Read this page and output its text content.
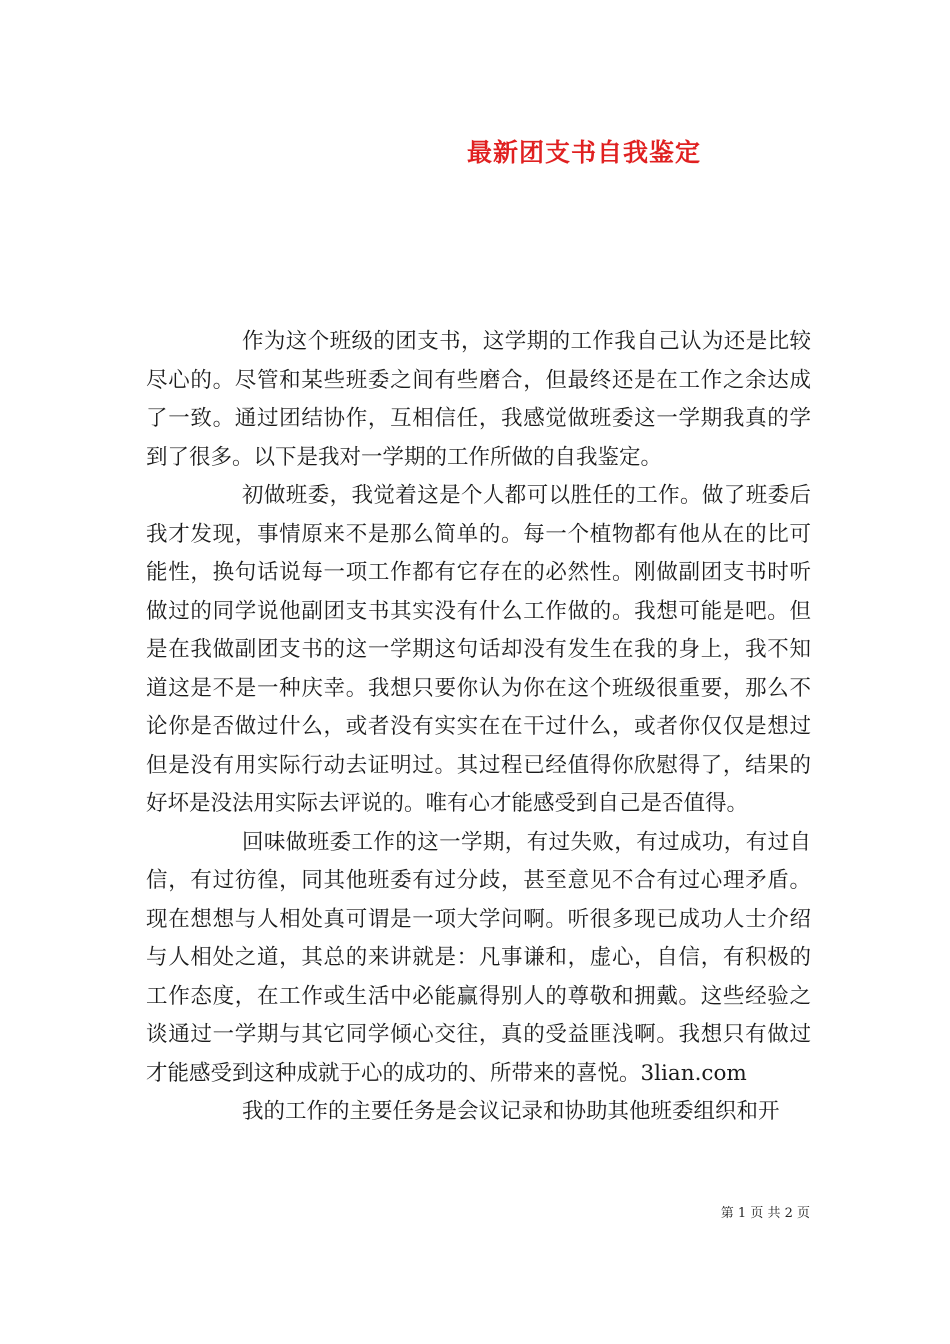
最新团支书自我鉴定

作为这个班级的团支书，这学期的工作我自己认为还是比较尽心的。尽管和某些班委之间有些磨合，但最终还是在工作之余达成了一致。通过团结协作，互相信任，我感觉做班委这一学期我真的学到了很多。以下是我对一学期的工作所做的自我鉴定。

初做班委，我觉着这是个人都可以胜任的工作。做了班委后我才发现，事情原来不是那么简单的。每一个植物都有他从在的比可能性，换句话说每一项工作都有它存在的必然性。刚做副团支书时听做过的同学说他副团支书其实没有什么工作做的。我想可能是吧。但是在我做副团支书的这一学期这句话却没有发生在我的身上，我不知道这是不是一种庆幸。我想只要你认为你在这个班级很重要，那么不论你是否做过什么，或者没有实实在在干过什么，或者你仅仅是想过但是没有用实际行动去证明过。其过程已经值得你欣慰得了，结果的好坏是没法用实际去评说的。唯有心才能感受到自己是否值得。

回味做班委工作的这一学期，有过失败，有过成功，有过自信，有过彷徨，同其他班委有过分歧，甚至意见不合有过心理矛盾。现在想想与人相处真可谓是一项大学问啊。听很多现已成功人士介绍与人相处之道，其总的来讲就是：凡事谦和，虚心，自信，有积极的工作态度，在工作或生活中必能赢得别人的尊敬和拥戴。这些经验之谈通过一学期与其它同学倾心交往，真的受益匪浅啊。我想只有做过才能感受到这种成就于心的成功的、所带来的喜悦。3lian.com

我的工作的主要任务是会议记录和协助其他班委组织和开

第 1 页 共 2 页
